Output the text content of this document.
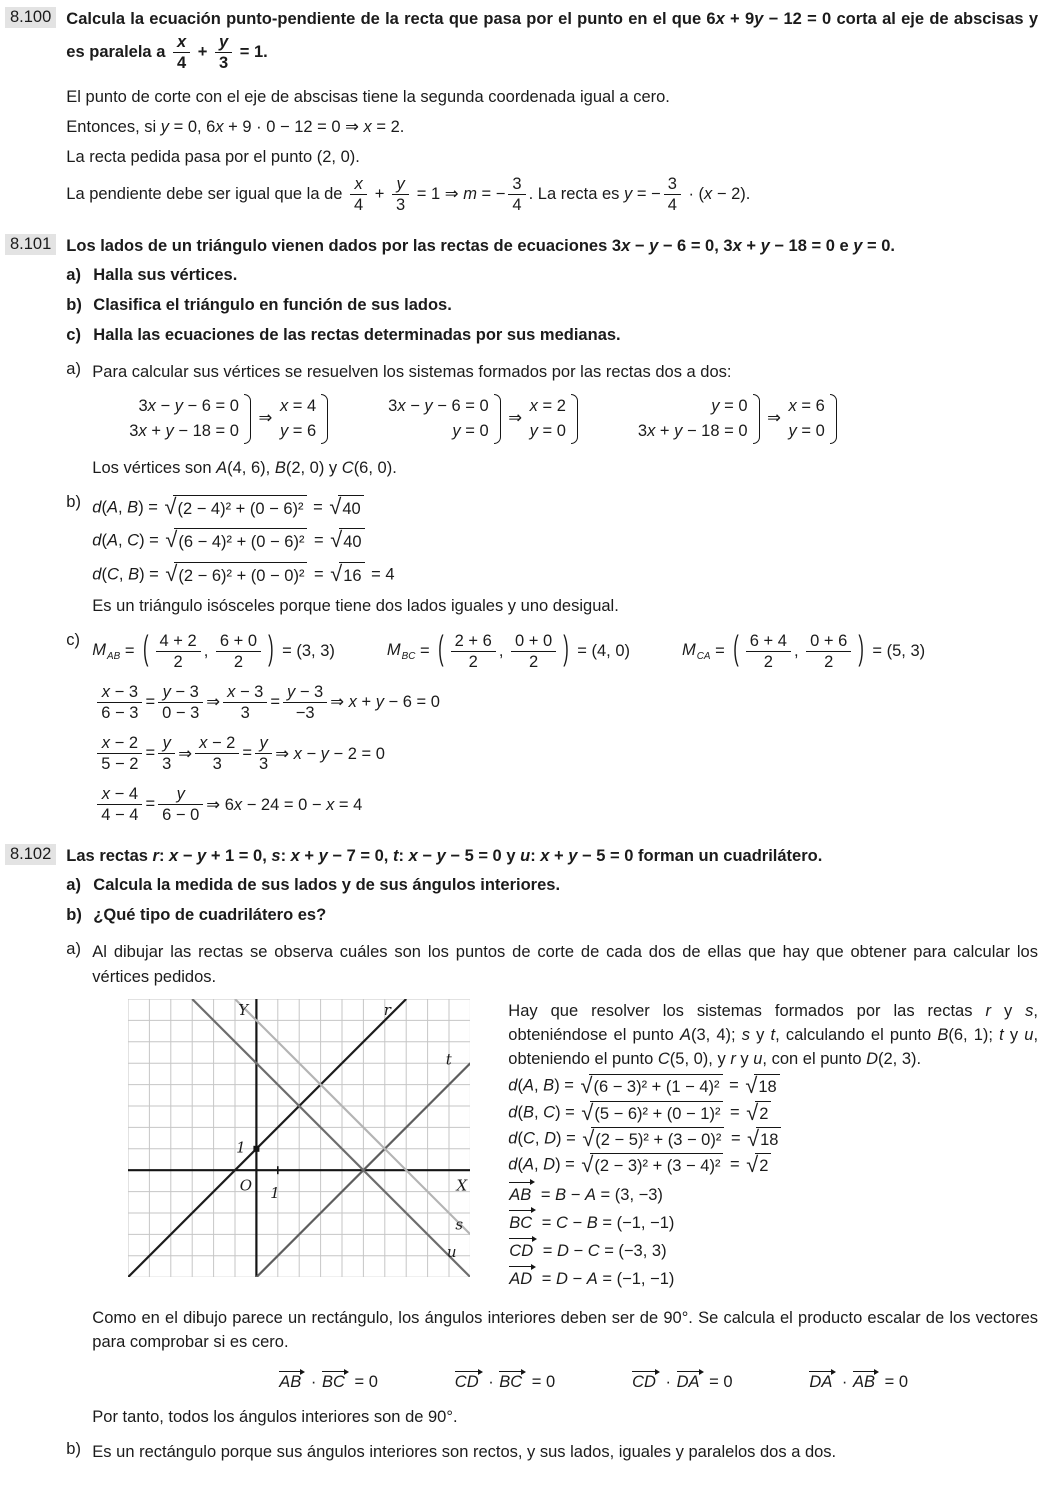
8.100 Calcula la ecuación punto-pendiente de la recta que pasa por el punto en el que 6x + 9y − 12 = 0 corta al eje de abscisas y es paralela a $\frac{x}{4} + \frac{y}{3} = 1$.
El punto de corte con el eje de abscisas tiene la segunda coordenada igual a cero.
Entonces, si y = 0, 6x + 9 · 0 − 12 = 0 ⇒ x = 2.
La recta pedida pasa por el punto (2, 0).
La pendiente debe ser igual que la de $\frac{x}{4} + \frac{y}{3} = 1$ ⇒ m = − $\frac{3}{4}$ . La recta es y = − $\frac{3}{4} \cdot (x - 2)$.
8.101 Los lados de un triángulo vienen dados por las rectas de ecuaciones 3x − y − 6 = 0, 3x + y − 18 = 0 e y = 0.
a) Halla sus vértices.
b) Clasifica el triángulo en función de sus lados.
c) Halla las ecuaciones de las rectas determinadas por sus medianas.
a) Para calcular sus vértices se resuelven los sistemas formados por las rectas dos a dos:
3x − y − 6 = 0
3x + y − 18 = 0
⇒
x = 4
y = 6
3x − y − 6 = 0
y = 0
⇒
x = 2
y = 0
y = 0
3x + y − 18 = 0
⇒
x = 6
y = 0
Los vértices son A(4, 6), B(2, 0) y C(6, 0).
b) d(A, B) = √ (2 − 4)² + (0 − 6)² = √ 40
d(A, C) = √ (6 − 4)² + (0 − 6)² = √ 40
d(C, B) = √ (2 − 6)² + (0 − 0)² = √ 16 = 4
Es un triángulo isósceles porque tiene dos lados iguales y uno desigual.
c)
$M_{AB}$ = ( $\frac{4 + 2}{2}$ , $\frac{6 + 0}{2}$ ) = (3, 3)	$M_{BC}$ = ( $\frac{2 + 6}{2}$ , $\frac{0 + 0}{2}$ ) = (4, 0)	$M_{CA}$ = ( $\frac{6 + 4}{2}$ , $\frac{0 + 6}{2}$ ) = (5, 3)
$\frac{x - 3}{6 - 3} = \frac{y - 3}{0 - 3}$ ⇒ $\frac{x - 3}{3} = \frac{y - 3}{-3}$ ⇒ x + y − 6 = 0
$\frac{x - 2}{5 - 2} = \frac{y}{3}$ ⇒ $\frac{x - 2}{3} = \frac{y}{3}$ ⇒ x − y − 2 = 0
$\frac{x - 4}{4 - 4} = \frac{y}{6 - 0}$ ⇒ 6x − 24 = 0 − x = 4
8.102 Las rectas r: x − y + 1 = 0, s: x + y − 7 = 0, t: x − y − 5 = 0 y u: x + y − 5 = 0 forman un cuadrilátero.
a) Calcula la medida de sus lados y de sus ángulos interiores.
b) ¿Qué tipo de cuadrilátero es?
a) Al dibujar las rectas se observa cuáles son los puntos de corte de cada dos de ellas que hay que obtener para calcular los vértices pedidos.
Y	r
t
X
O
1
1
s
u
Hay que resolver los sistemas formados por las rectas r y s, obteniéndose el punto A(3, 4); s y t, calculando el punto B(6, 1); t y u, obteniendo el punto C(5, 0), y r y u, con el punto D(2, 3).
d(A, B) = √ (6 − 3)² + (1 − 4)² = √ 18
d(B, C) = √ (5 − 6)² + (0 − 1)² = √ 2
d(C, D) = √ (2 − 5)² + (3 − 0)² = √ 18
d(A, D) = √ (2 − 3)² + (3 − 4)² = √ 2
AB = B − A = (3, −3)
BC = C − B = (−1, −1)
CD = D − C = (−3, 3)
AD = D − A = (−1, −1)
Como en el dibujo parece un rectángulo, los ángulos interiores deben ser de 90°. Se calcula el producto escalar de los vectores para comprobar si es cero.
AB · BC = 0	CD · BC = 0	CD · DA = 0	DA · AB = 0
Por tanto, todos los ángulos interiores son de 90°.
b) Es un rectángulo porque sus ángulos interiores son rectos, y sus lados, iguales y paralelos dos a dos.
